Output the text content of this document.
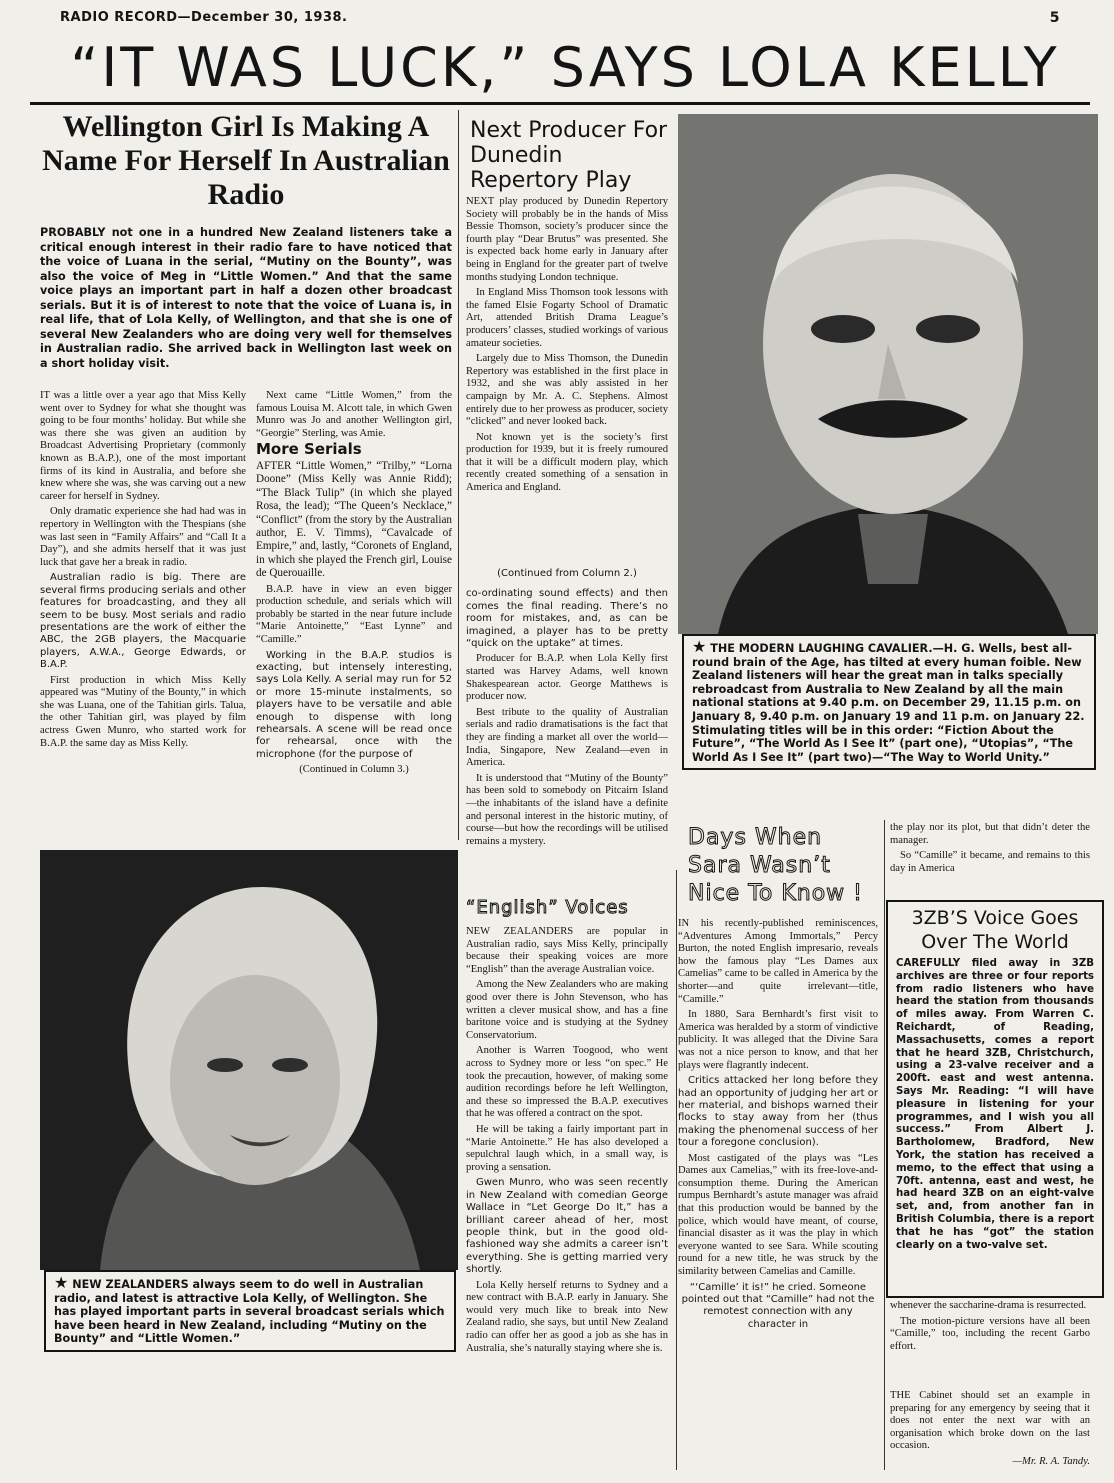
RADIO RECORD—December 30, 1938.	5
“IT WAS LUCK,” SAYS LOLA KELLY
Wellington Girl Is Making A Name For Herself In Australian Radio
PROBABLY not one in a hundred New Zealand listeners take a critical enough interest in their radio fare to have noticed that the voice of Luana in the serial, “Mutiny on the Bounty”, was also the voice of Meg in “Little Women.” And that the same voice plays an important part in half a dozen other broadcast serials. But it is of interest to note that the voice of Luana is, in real life, that of Lola Kelly, of Wellington, and that she is one of several New Zealanders who are doing very well for themselves in Australian radio. She arrived back in Wellington last week on a short holiday visit.

IT was a little over a year ago that Miss Kelly went over to Sydney for what she thought was going to be four months’ holiday. But while she was there she was given an audition by Broadcast Advertising Proprietary (commonly known as B.A.P.), one of the most important firms of its kind in Australia, and before she knew where she was, she was carving out a new career for herself in Sydney.

Only dramatic experience she had had was in repertory in Wellington with the Thespians (she was last seen in “Family Affairs” and “Call It a Day”), and she admits herself that it was just luck that gave her a break in radio.

Australian radio is big. There are several firms producing serials and other features for broadcasting, and they all seem to be busy. Most serials and radio presentations are the work of either the ABC, the 2GB players, the Macquarie players, A.W.A., George Edwards, or B.A.P.

First production in which Miss Kelly appeared was “Mutiny of the Bounty,” in which she was Luana, one of the Tahitian girls. Talua, the other Tahitian girl, was played by film actress Gwen Munro, who started work for B.A.P. the same day as Miss Kelly.

Next came “Little Women,” from the famous Louisa M. Alcott tale, in which Gwen Munro was Jo and another Wellington girl, “Georgie” Sterling, was Amie.

More Serials

AFTER “Little Women,” “Trilby,” “Lorna Doone” (Miss Kelly was Annie Ridd); “The Black Tulip” (in which she played Rosa, the lead); “The Queen’s Necklace,” “Conflict” (from the story by the Australian author, E. V. Timms), “Cavalcade of Empire,” and, lastly, “Coronets of England, in which she played the French girl, Louise de Querouaille.

B.A.P. have in view an even bigger production schedule, and serials which will probably be started in the near future include “Marie Antoinette,” “East Lynne” and “Camille.”

Working in the B.A.P. studios is exacting, but intensely interesting, says Lola Kelly. A serial may run for 52 or more 15-minute instalments, so players have to be versatile and able enough to dispense with long rehearsals. A scene will be read once for rehearsal, once with the microphone (for the purpose of

(Continued in Column 3.)

Next Producer For Dunedin Repertory Play

NEXT play produced by Dunedin Repertory Society will probably be in the hands of Miss Bessie Thomson, society’s producer since the fourth play “Dear Brutus” was presented. She is expected back home early in January after being in England for the greater part of twelve months studying London technique.

In England Miss Thomson took lessons with the famed Elsie Fogarty School of Dramatic Art, attended British Drama League’s producers’ classes, studied workings of various amateur societies.

Largely due to Miss Thomson, the Dunedin Repertory was established in the first place in 1932, and she was ably assisted in her campaign by Mr. A. C. Stephens. Almost entirely due to her prowess as producer, society “clicked” and never looked back.

Not known yet is the society’s first production for 1939, but it is freely rumoured that it will be a difficult modern play, which recently created something of a sensation in America and England.

(Continued from Column 2.)

co-ordinating sound effects) and then comes the final reading. There’s no room for mistakes, and, as can be imagined, a player has to be pretty “quick on the uptake” at times.

Producer for B.A.P. when Lola Kelly first started was Harvey Adams, well known Shakespearean actor. George Matthews is producer now.

Best tribute to the quality of Australian serials and radio dramatisations is the fact that they are finding a market all over the world—India, Singapore, New Zealand—even in America.

It is understood that “Mutiny of the Bounty” has been sold to somebody on Pitcairn Island—the inhabitants of the island have a definite and personal interest in the historic mutiny, of course—but how the recordings will be utilised remains a mystery.

“English” Voices

NEW ZEALANDERS are popular in Australian radio, says Miss Kelly, principally because their speaking voices are more “English” than the average Australian voice.

Among the New Zealanders who are making good over there is John Stevenson, who has written a clever musical show, and has a fine baritone voice and is studying at the Sydney Conservatorium.

Another is Warren Toogood, who went across to Sydney more or less “on spec.” He took the precaution, however, of making some audition recordings before he left Wellington, and these so impressed the B.A.P. executives that he was offered a contract on the spot.

He will be taking a fairly important part in “Marie Antoinette.” He has also developed a sepulchral laugh which, in a small way, is proving a sensation.

Gwen Munro, who was seen recently in New Zealand with comedian George Wallace in “Let George Do It,” has a brilliant career ahead of her, most people think, but in the good old-fashioned way she admits a career isn’t everything. She is getting married very shortly.

Lola Kelly herself returns to Sydney and a new contract with B.A.P. early in January. She would very much like to break into New Zealand radio, she says, but until New Zealand radio can offer her as good a job as she has in Australia, she’s naturally staying where she is.

★ THE MODERN LAUGHING CAVALIER.—H. G. Wells, best all-round brain of the Age, has tilted at every human foible. New Zealand listeners will hear the great man in talks specially rebroadcast from Australia to New Zealand by all the main national stations at 9.40 p.m. on December 29, 11.15 p.m. on January 8, 9.40 p.m. on January 19 and 11 p.m. on January 22. Stimulating titles will be in this order: “Fiction About the Future”, “The World As I See It” (part one), “Utopias”, “The World As I See It” (part two)—“The Way to World Unity.”
★ NEW ZEALANDERS always seem to do well in Australian radio, and latest is attractive Lola Kelly, of Wellington. She has played important parts in several broadcast serials which have been heard in New Zealand, including “Mutiny on the Bounty” and “Little Women.”
Days When Sara Wasn’t Nice To Know !

IN his recently-published reminiscences, “Adventures Among Immortals,” Percy Burton, the noted English impresario, reveals how the famous play “Les Dames aux Camelias” came to be called in America by the shorter—and quite irrelevant—title, “Camille.”

In 1880, Sara Bernhardt’s first visit to America was heralded by a storm of vindictive publicity. It was alleged that the Divine Sara was not a nice person to know, and that her plays were flagrantly indecent.

Critics attacked her long before they had an opportunity of judging her art or her material, and bishops warned their flocks to stay away from her (thus making the phenomenal success of her tour a foregone conclusion).

Most castigated of the plays was “Les Dames aux Camelias,” with its free-love-and-consumption theme. During the American rumpus Bernhardt’s astute manager was afraid that this production would be banned by the police, which would have meant, of course, financial disaster as it was the play in which everyone wanted to see Sara. While scouting round for a new title, he was struck by the similarity between Camelias and Camille.

“‘Camille’ it is!” he cried. Someone pointed out that “Camille” had not the remotest connection with any character in

the play nor its plot, but that didn’t deter the manager.

So “Camille” it became, and remains to this day in America

3ZB’S Voice Goes Over The World
CAREFULLY filed away in 3ZB archives are three or four reports from radio listeners who have heard the station from thousands of miles away. From Warren C. Reichardt, of Reading, Massachusetts, comes a report that he heard 3ZB, Christchurch, using a 23-valve receiver and a 200ft. east and west antenna. Says Mr. Reading: “I will have pleasure in listening for your programmes, and I wish you all success.” From Albert J. Bartholomew, Bradford, New York, the station has received a memo, to the effect that using a 70ft. antenna, east and west, he had heard 3ZB on an eight-valve set, and, from another fan in British Columbia, there is a report that he has “got” the station clearly on a two-valve set.

whenever the saccharine-drama is resurrected.

The motion-picture versions have all been “Camille,” too, including the recent Garbo effort.

THE Cabinet should set an example in preparing for any emergency by seeing that it does not enter the next war with an organisation which broke down on the last occasion.

—Mr. R. A. Tandy.
